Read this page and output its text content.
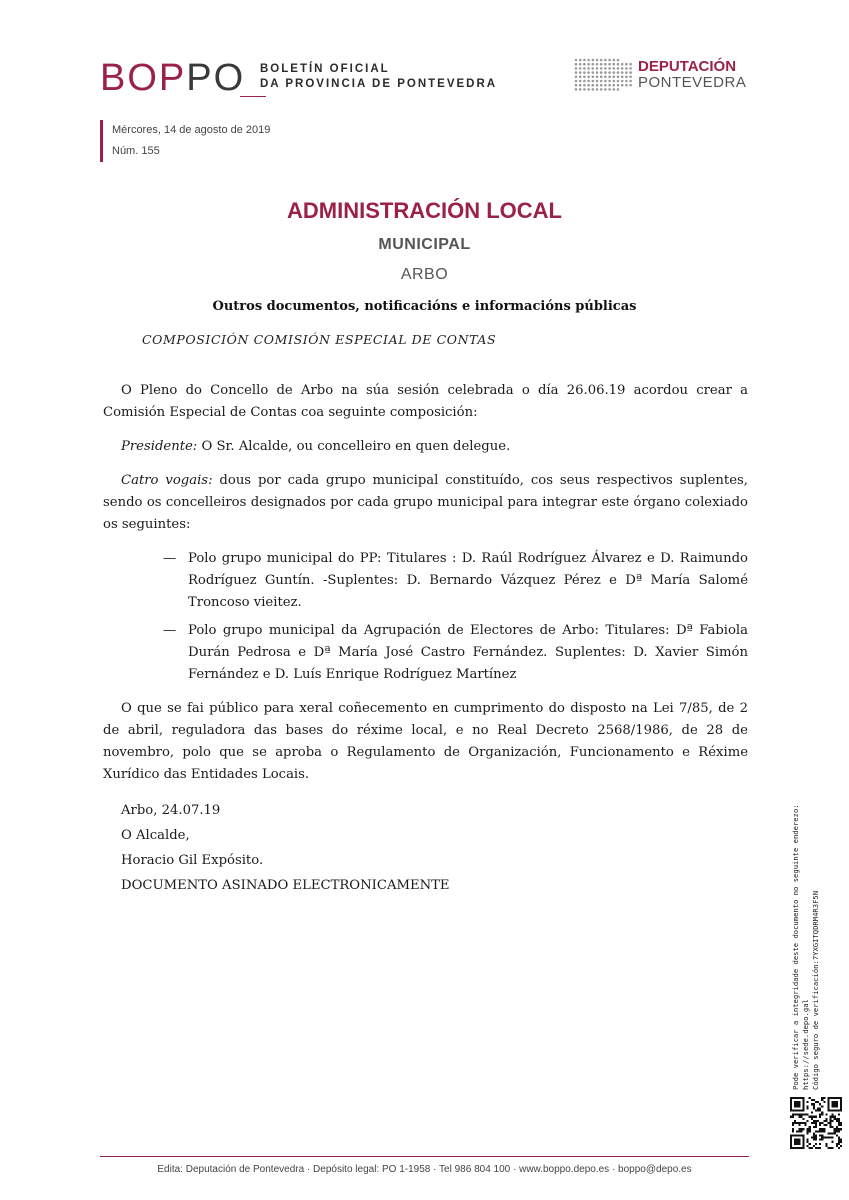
BOPPO BOLETÍN OFICIAL
DA PROVINCIA DE PONTEVEDRA
DEPUTACIÓN
PONTEVEDRA
Mércores, 14 de agosto de 2019
Núm. 155
ADMINISTRACIÓN LOCAL
MUNICIPAL
ARBO
Outros documentos, notificacións e informacións públicas
COMPOSICIÓN COMISIÓN ESPECIAL DE CONTAS

O Pleno do Concello de Arbo na súa sesión celebrada o día 26.06.19 acordou crear a Comisión Especial de Contas coa seguinte composición:

Presidente: O Sr. Alcalde, ou concelleiro en quen delegue.

Catro vogais: dous por cada grupo municipal constituído, cos seus respectivos suplentes, sendo os concelleiros designados por cada grupo municipal para integrar este órgano colexiado os seguintes:

— Polo grupo municipal do PP: Titulares : D. Raúl Rodríguez Álvarez e D. Raimundo Rodríguez Guntín. -Suplentes: D. Bernardo Vázquez Pérez e Dª María Salomé Troncoso vieitez.
— Polo grupo municipal da Agrupación de Electores de Arbo: Titulares: Dª Fabiola Durán Pedrosa e Dª María José Castro Fernández. Suplentes: D. Xavier Simón Fernández e D. Luís Enrique Rodríguez Martínez

O que se fai público para xeral coñecemento en cumprimento do disposto na Lei 7/85, de 2 de abril, reguladora das bases do réxime local, e no Real Decreto 2568/1986, de 28 de novembro, polo que se aproba o Regulamento de Organización, Funcionamento e Réxime Xurídico das Entidades Locais.

Arbo, 24.07.19
O Alcalde,
Horacio Gil Expósito.
DOCUMENTO ASINADO ELECTRONICAMENTE	Pode verificar a integridade deste documento no seguinte enderezo: https://sede.depo.gal Código seguro de verificación:7YXGITQDRM4R3F5N
Edita: Deputación de Pontevedra · Depósito legal: PO 1-1958 · Tel 986 804 100 · www.boppo.depo.es · boppo@depo.es
